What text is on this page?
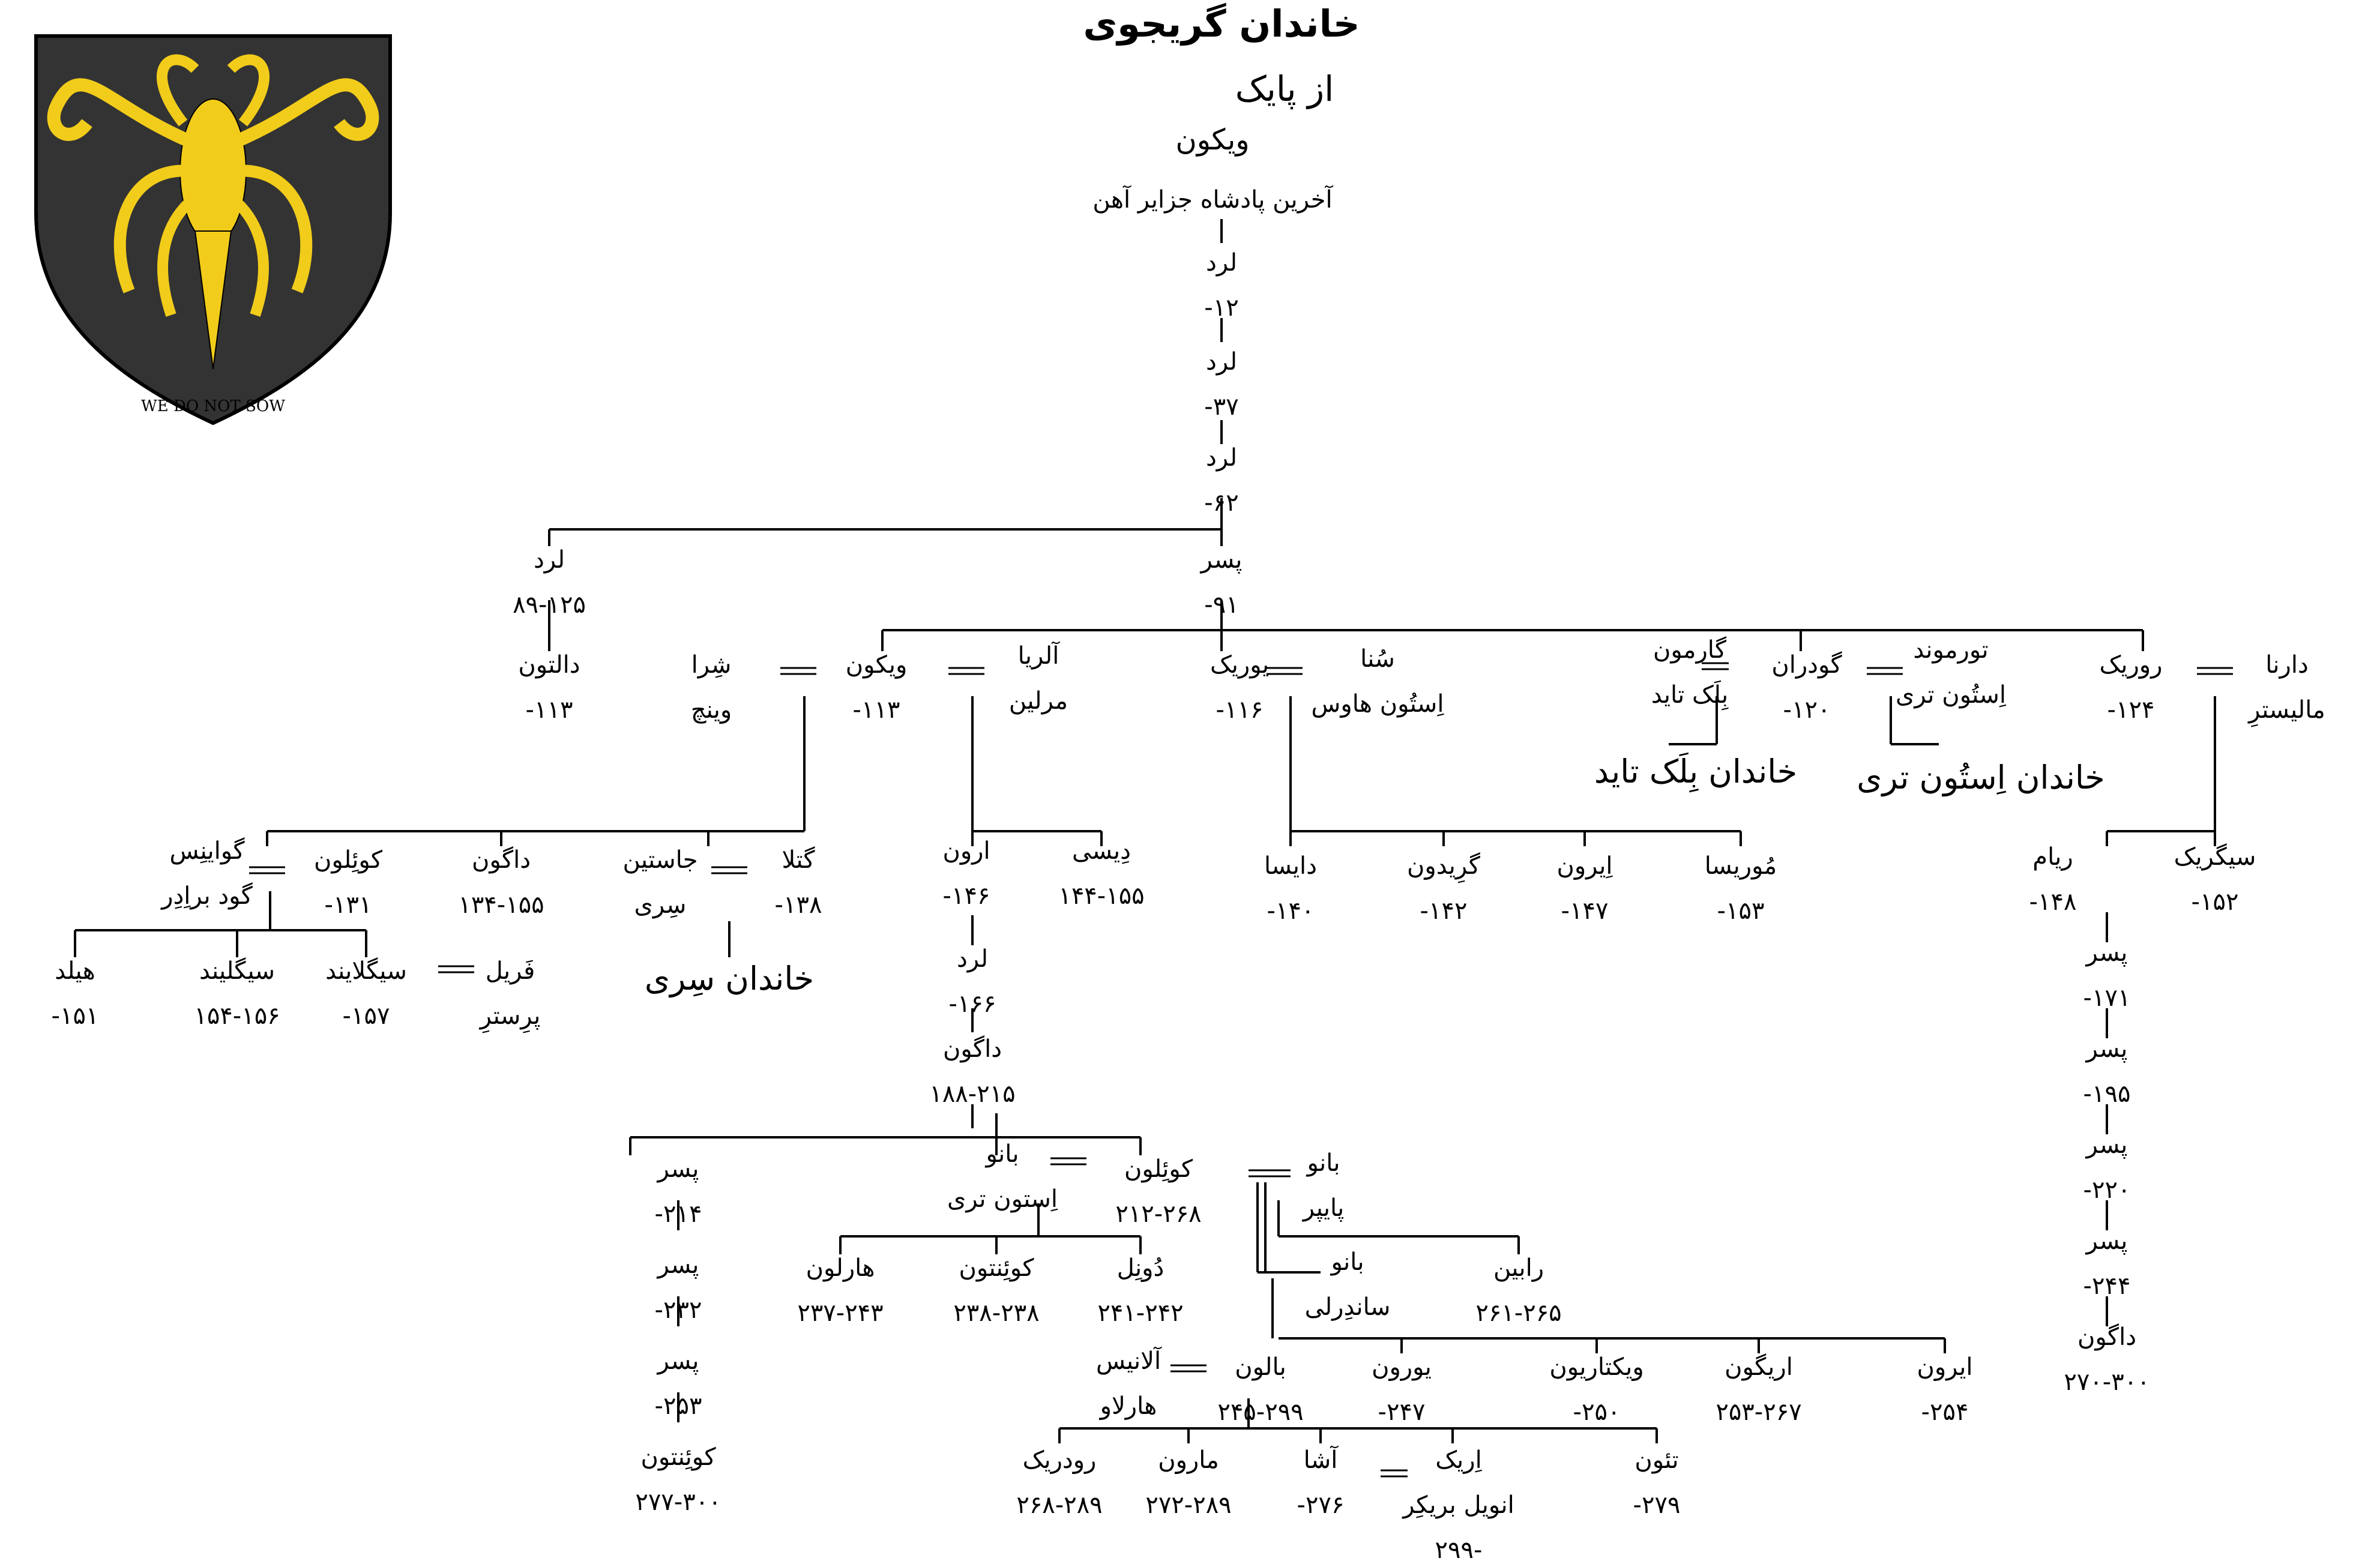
WE DO NOT SOW
خاندان گریجوی
از پایک
ویکون
آخرین پادشاه جزایر آهن
لرد
-۱۲
لرد
-۳۷
لرد
-۶۲
لرد
۸۹-۱۲۵
پسر
-۹۱
دالتون
-۱۱۳
شِرا
وینچ
ویکون
-۱۱۳
آلریا
مرلین
یوریک
-۱۱۶
سُنا
اِستُون هاوس
گارمون
بِلَک تاید
گودران
-۱۲۰
تورموند
اِستُون تری
روریک
-۱۲۴
دارنا
مالیسترِ
کوئِلون
-۱۳۱
گواینِس
گود براِدِر
داگون
۱۳۴-۱۵۵
گتلا
-۱۳۸
جاستین
سِری
ارون
-۱۴۶
دِیسی
۱۴۴-۱۵۵
دایسا
-۱۴۰
گرِیدون
-۱۴۲
اِیرون
-۱۴۷
مُوریسا
-۱۵۳
ریام
-۱۴۸
سیگریک
-۱۵۲
هیلد
-۱۵۱
سیگلیند
۱۵۴-۱۵۶
سیگلایند
-۱۵۷
فَریل
پرِسترِ
لرد
-۱۶۶
داگون
۱۸۸-۲۱۵
پسر
-۱۷۱
پسر
-۱۹۵
پسر
-۲۲۰
پسر
-۲۴۴
داگون
۲۷۰-۳۰۰
پسر
-۲۱۴
پسر
-۲۳۲
پسر
-۲۵۳
کوئِنتون
۲۷۷-۳۰۰
بانو
اِستون تری
کوئِلون
۲۱۲-۲۶۸
بانو
پایپر
هارلون
۲۳۷-۲۴۳
کوئِنتون
۲۳۸-۲۳۸
دُونِل
۲۴۱-۲۴۲
بانو
ساندِرلی
رابین
۲۶۱-۲۶۵
آلانیس
هارلاو
بالون
۲۴۵-۲۹۹
یورون
-۲۴۷
ویکتاریون
-۲۵۰
اریگون
۲۵۳-۲۶۷
ایرون
-۲۵۴
رودریک
۲۶۸-۲۸۹
مارون
۲۷۲-۲۸۹
آشا
-۲۷۶
اِریک
انویل بریکِر
۲۹۹-
تئون
-۲۷۹
خاندان بِلَک تاید خاندان اِستُون تری
خاندان سِری
